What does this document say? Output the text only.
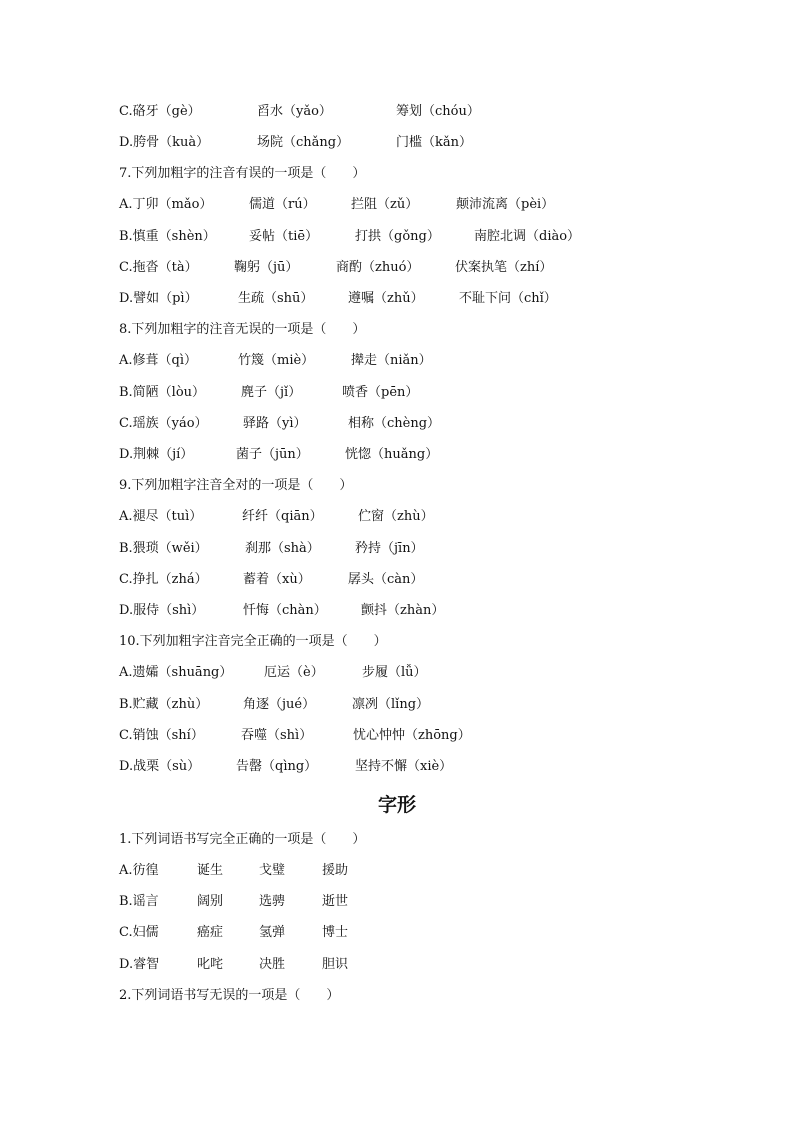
C.硌牙（gè）	舀水（yǎo）	筹划（chóu）
D.胯骨（kuà）	场院（chǎng）	门槛（kǎn）
7.下列加粗字的注音有误的一项是（　　）
A.丁卯（mǎo）	儒道（rú）	拦阻（zǔ）	颠沛流离（pèi）
B.慎重（shèn）	妥帖（tiē）	打拱（gǒng）	南腔北调（diào）
C.拖沓（tà）	鞠躬（jū）	商酌（zhuó）	伏案执笔（zhí）
D.譬如（pì）	生疏（shū）	遵嘱（zhǔ）	不耻下问（chǐ）
8.下列加粗字的注音无误的一项是（　　）
A.修葺（qì）	竹篾（miè）	撵走（niǎn）
B.简陋（lòu）	麂子（jǐ）	喷香（pēn）
C.瑶族（yáo）	驿路（yì）	相称（chèng）
D.荆棘（jí）	菌子（jūn）	恍惚（huǎng）
9.下列加粗字注音全对的一项是（　　）
A.褪尽（tuì）	纤纤（qiān）	伫窗（zhù）
B.猥琐（wěi）	刹那（shà）	矜持（jīn）
C.挣扎（zhá）	蓄着（xù）	孱头（càn）
D.服侍（shì）	忏悔（chàn）	颤抖（zhàn）
10.下列加粗字注音完全正确的一项是（　　）
A.遗孀（shuāng） 厄运（è）	步履（lǚ）
B.贮藏（zhù）	角逐（jué）	凛冽（lǐng）
C.销蚀（shí）	吞噬（shì）	忧心忡忡（zhōng）
D.战栗（sù）	告罄（qìng）	坚持不懈（xiè）
字形
1.下列词语书写完全正确的一项是（　　）
A.彷徨	诞生	戈璧	援助
B.谣言	阔别	选骋	逝世
C.妇儒	癌症	氢弹	博士
D.睿智	叱咤	决胜	胆识
2.下列词语书写无误的一项是（　　）
